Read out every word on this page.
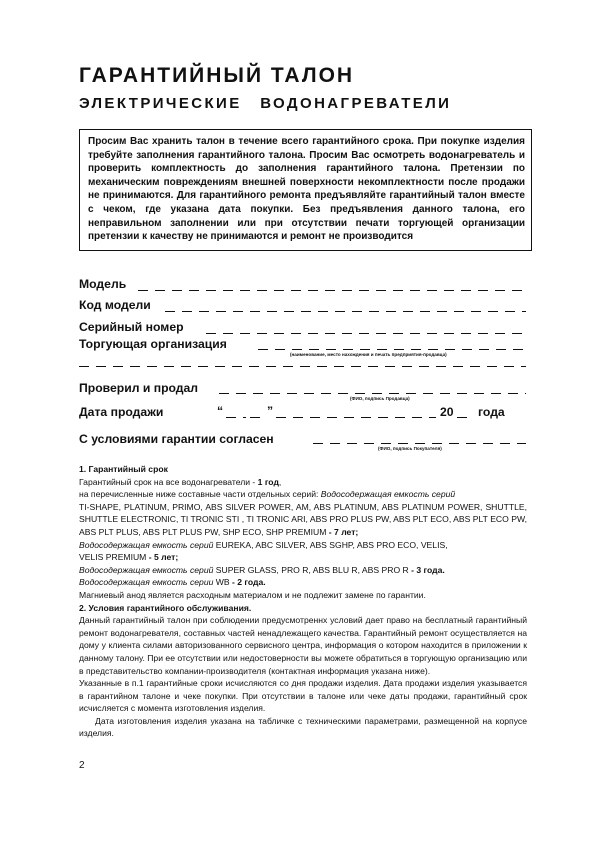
ГАРАНТИЙНЫЙ ТАЛОН
ЭЛЕКТРИЧЕСКИЕ ВОДОНАГРЕВАТЕЛИ
Просим Вас хранить талон в течение всего гарантийного срока. При покупке изделия требуйте заполнения гарантийного талона. Просим Вас осмотреть водонагреватель и проверить комплектность до заполнения гарантийного талона. Претензии по механическим повреждениям внешней поверхности некомплектности после продажи не принимаются. Для гарантийного ремонта предъявляйте гарантийный талон вместе с чеком, где указана дата покупки. Без предъявления данного талона, его неправильном заполнении или при отсутствии печати торгующей организации претензии к качеству не принимаются и ремонт не производится
Модель
Код модели
Серийный номер
Торгующая организация
(наименование, место нахождения и печать предприятия-продавца)
Проверил и продал
(ФИО, подпись Продавца)
Дата продажи	“	”	20 года
С условиями гарантии согласен
(ФИО, подпись Покупателя)
1. Гарантийный срок
Гарантийный срок на все водонагреватели - 1 год,
на перечисленные ниже составные части отдельных серий: Водосодержащая емкость серий
TI-SHAPE, PLATINUM, PRIMO, ABS SILVER POWER, AM, ABS PLATINUM, ABS PLATINUM POWER, SHUTTLE, SHUTTLE ELECTRONIC, TI TRONIC STI , TI TRONIC ARI, ABS PRO PLUS PW, ABS PLT ECO, ABS PLT ECO PW, ABS PLT PLUS, ABS PLT PLUS PW, SHP ECO, SHP PREMIUM - 7 лет;
Водосодержащая емкость серий EUREKA, ABC SILVER, ABS SGHP, ABS PRO ECO, VELIS,
VELIS PREMIUM - 5 лет;
Водосодержащая емкость серий SUPER GLASS, PRO R, ABS BLU R, ABS PRO R - 3 года.
Водосодержащая емкость серии WB - 2 года.
Магниевый анод является расходным материалом и не подлежит замене по гарантии.
2. Условия гарантийного обслуживания.
Данный гарантийный талон при соблюдении предусмотреннх условий дает право на бесплатный гарантийный ремонт водонагревателя, составных частей ненадлежащего качества. Гарантийный ремонт осуществляется на дому у клиента силами авторизованного сервисного центра, информация о котором находится в приложении к данному талону. При ее отсутствии или недостоверности вы можете обратиться в торгующую организацию или в представительство компании-производителя (контактная информация указана ниже).
Указанные в п.1 гарантийные сроки исчисляются со дня продажи изделия. Дата продажи изделия указывается в гарантийном талоне и чеке покупки. При отсутствии в талоне или чеке даты продажи, гарантийный срок исчисляется с момента изготовления изделия.
Дата изготовления изделия указана на табличке с техническими параметрами, размещенной на корпусе изделия.
2
